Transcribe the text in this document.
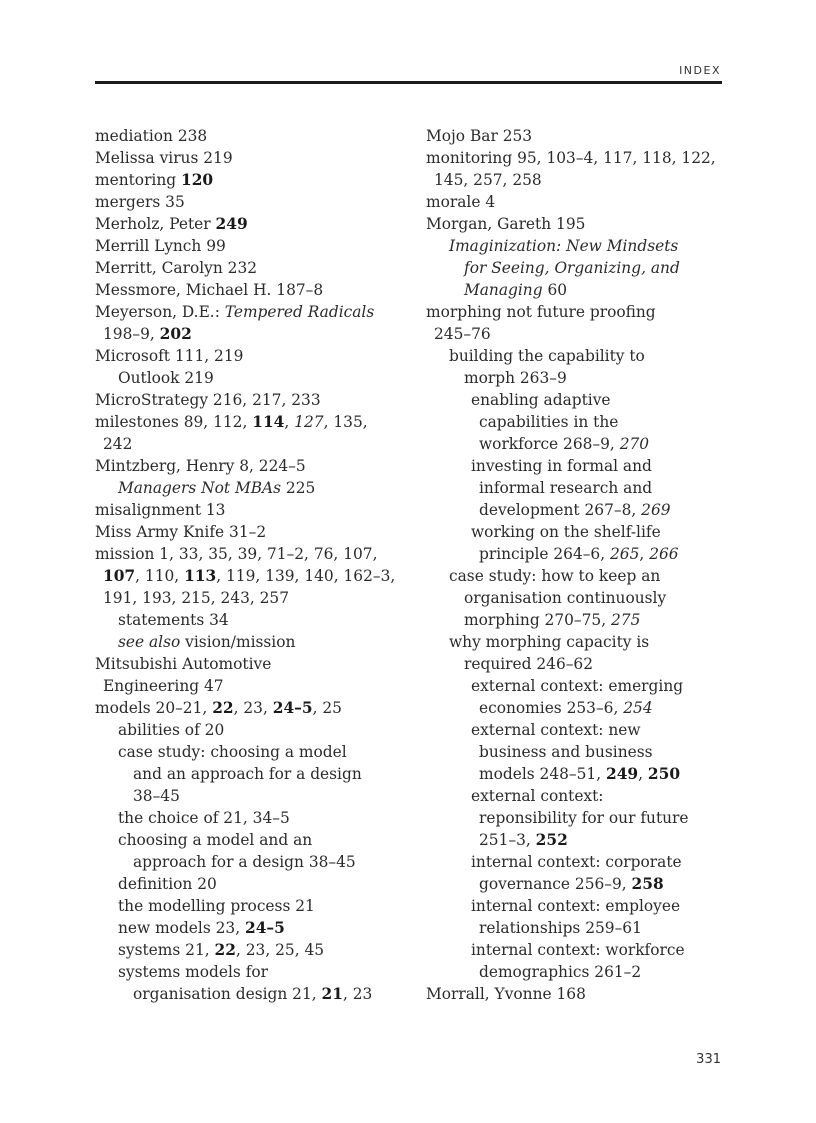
INDEX
mediation 238
Melissa virus 219
mentoring 120
mergers 35
Merholz, Peter 249
Merrill Lynch 99
Merritt, Carolyn 232
Messmore, Michael H. 187–8
Meyerson, D.E.: Tempered Radicals
198–9, 202
Microsoft 111, 219
Outlook 219
MicroStrategy 216, 217, 233
milestones 89, 112, 114, 127, 135,
242
Mintzberg, Henry 8, 224–5
Managers Not MBAs 225
misalignment 13
Miss Army Knife 31–2
mission 1, 33, 35, 39, 71–2, 76, 107,
107, 110, 113, 119, 139, 140, 162–3,
191, 193, 215, 243, 257
statements 34
see also vision/mission
Mitsubishi Automotive
Engineering 47
models 20–21, 22, 23, 24–5, 25
abilities of 20
case study: choosing a model
and an approach for a design
38–45
the choice of 21, 34–5
choosing a model and an
approach for a design 38–45
definition 20
the modelling process 21
new models 23, 24–5
systems 21, 22, 23, 25, 45
systems models for
organisation design 21, 21, 23
Mojo Bar 253
monitoring 95, 103–4, 117, 118, 122,
145, 257, 258
morale 4
Morgan, Gareth 195
Imaginization: New Mindsets
for Seeing, Organizing, and
Managing 60
morphing not future proofing
245–76
building the capability to
morph 263–9
enabling adaptive
capabilities in the
workforce 268–9, 270
investing in formal and
informal research and
development 267–8, 269
working on the shelf-life
principle 264–6, 265, 266
case study: how to keep an
organisation continuously
morphing 270–75, 275
why morphing capacity is
required 246–62
external context: emerging
economies 253–6, 254
external context: new
business and business
models 248–51, 249, 250
external context:
reponsibility for our future
251–3, 252
internal context: corporate
governance 256–9, 258
internal context: employee
relationships 259–61
internal context: workforce
demographics 261–2
Morrall, Yvonne 168
331
